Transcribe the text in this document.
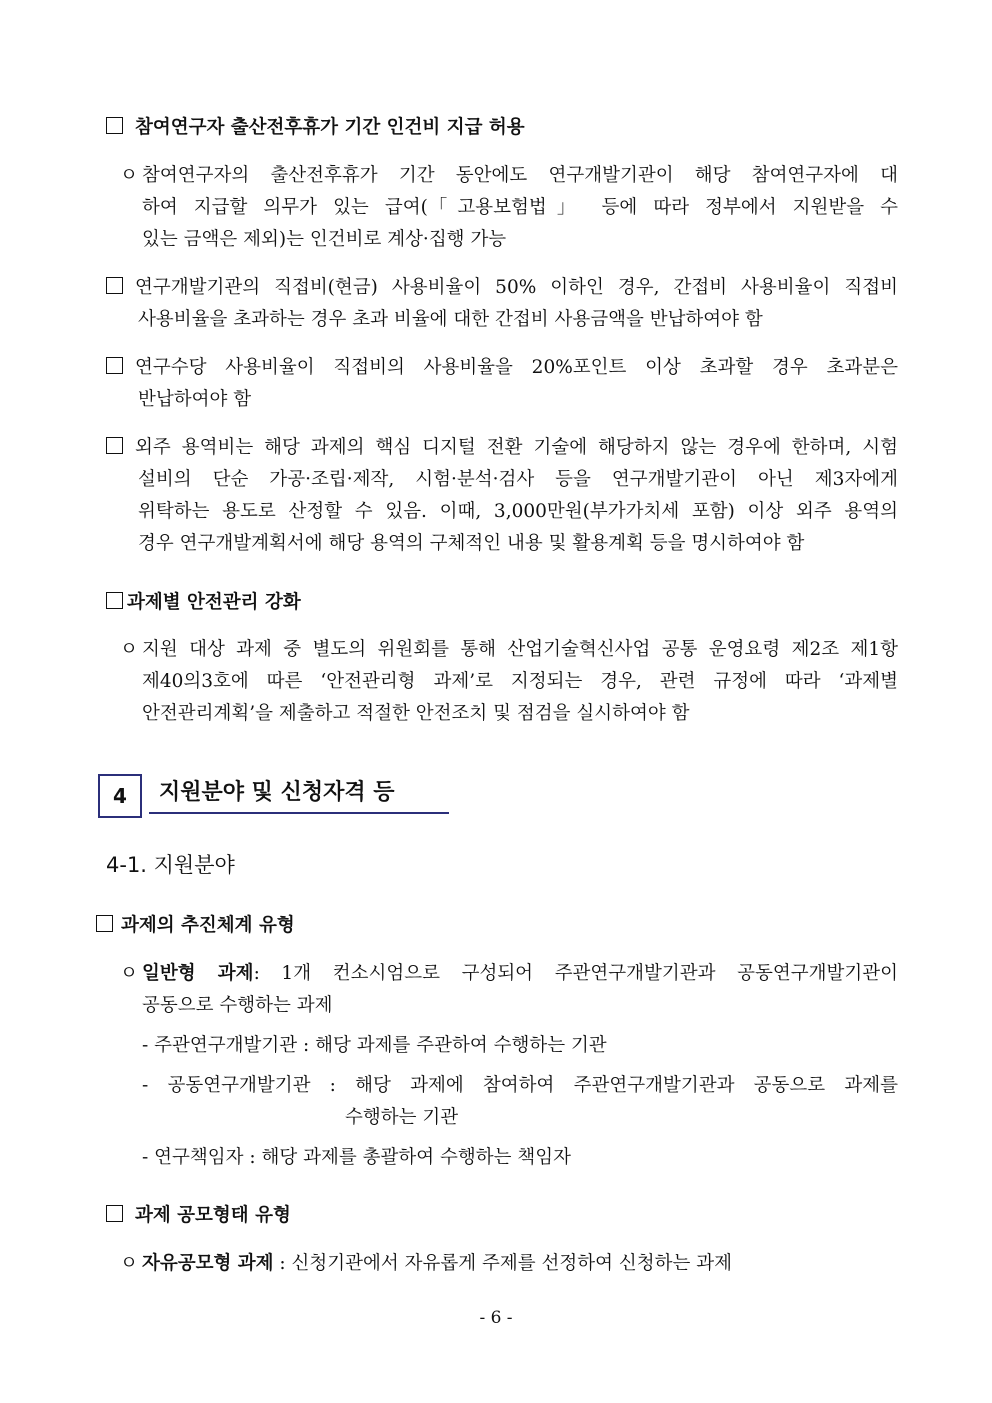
참여연구자 출산전후휴가 기간 인건비 지급 허용
ㅇ 참여연구자의 출산전후휴가 기간 동안에도 연구개발기관이 해당 참여연구자에 대
하여 지급할 의무가 있는 급여(「고용보험법」 등에 따라 정부에서 지원받을 수
있는 금액은 제외)는 인건비로 계상·집행 가능
연구개발기관의 직접비(현금) 사용비율이 50% 이하인 경우, 간접비 사용비율이 직접비
사용비율을 초과하는 경우 초과 비율에 대한 간접비 사용금액을 반납하여야 함
연구수당 사용비율이 직접비의 사용비율을 20%포인트 이상 초과할 경우 초과분은
반납하여야 함
외주 용역비는 해당 과제의 핵심 디지털 전환 기술에 해당하지 않는 경우에 한하며, 시험
설비의 단순 가공·조립·제작, 시험·분석·검사 등을 연구개발기관이 아닌 제3자에게
위탁하는 용도로 산정할 수 있음. 이때, 3,000만원(부가가치세 포함) 이상 외주 용역의
경우 연구개발계획서에 해당 용역의 구체적인 내용 및 활용계획 등을 명시하여야 함
과제별 안전관리 강화
ㅇ 지원 대상 과제 중 별도의 위원회를 통해 산업기술혁신사업 공통 운영요령 제2조 제1항
제40의3호에 따른 ‘안전관리형 과제’로 지정되는 경우, 관련 규정에 따라 ‘과제별
안전관리계획’을 제출하고 적절한 안전조치 및 점검을 실시하여야 함
4	지원분야 및 신청자격 등
4-1. 지원분야
과제의 추진체계 유형
ㅇ 일반형 과제: 1개 컨소시엄으로 구성되어 주관연구개발기관과 공동연구개발기관이
공동으로 수행하는 과제
- 주관연구개발기관 : 해당 과제를 주관하여 수행하는 기관
- 공동연구개발기관 : 해당 과제에 참여하여 주관연구개발기관과 공동으로 과제를
수행하는 기관
- 연구책임자 : 해당 과제를 총괄하여 수행하는 책임자
과제 공모형태 유형
ㅇ 자유공모형 과제 : 신청기관에서 자유롭게 주제를 선정하여 신청하는 과제
- 6 -
